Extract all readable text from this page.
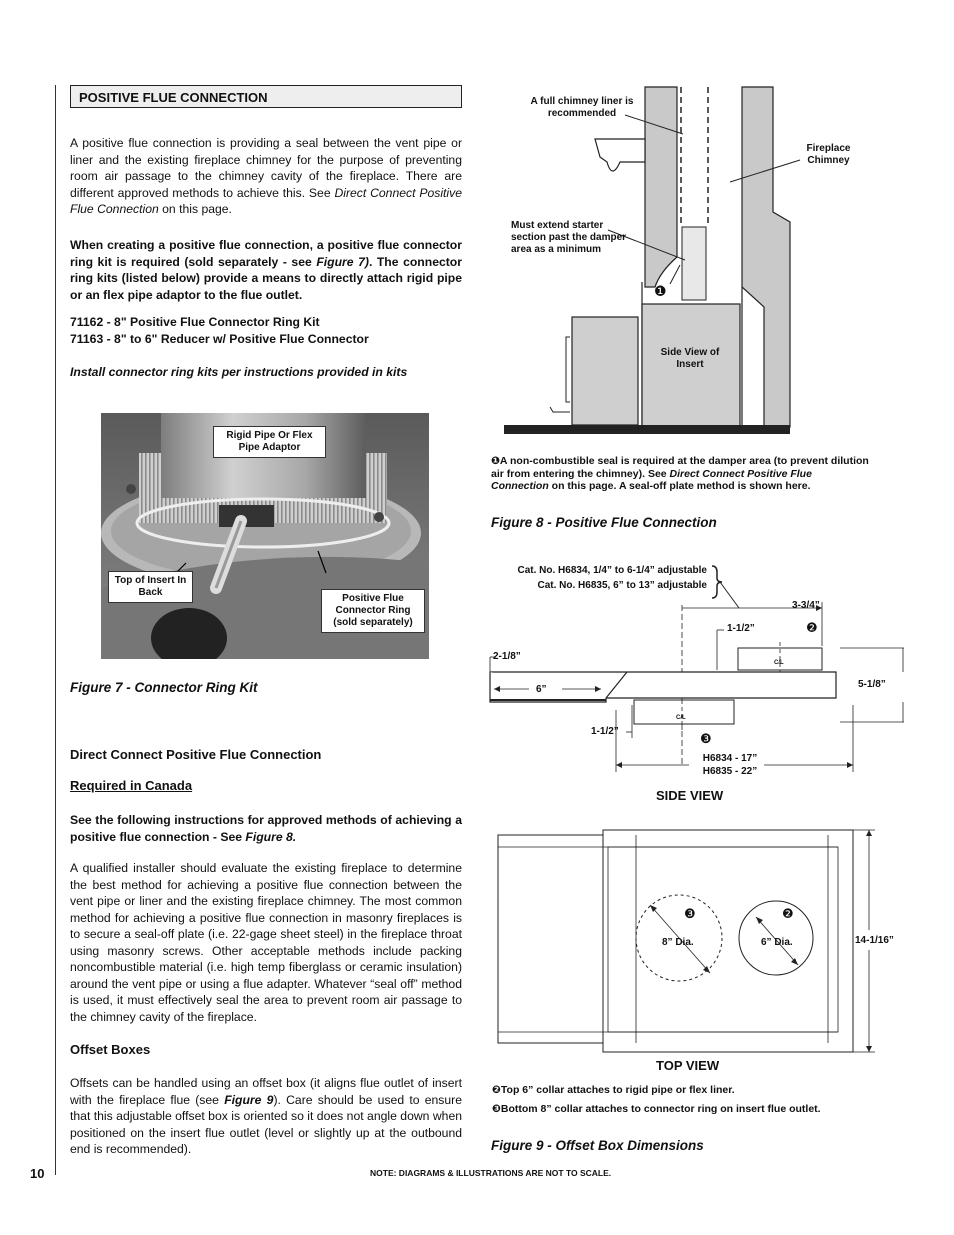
POSITIVE FLUE CONNECTION
A positive flue connection is providing a seal between the vent pipe or liner and the existing fireplace chimney for the purpose of preventing room air passage to the chimney cavity of the fireplace. There are different approved methods to achieve this. See Direct Connect Positive Flue Connection on this page.
When creating a positive flue connection, a positive flue connector ring kit is required (sold separately - see Figure 7). The connector ring kits (listed below) provide a means to directly attach rigid pipe or an flex pipe adaptor to the flue outlet.
71162 - 8" Positive Flue Connector Ring Kit
71163 - 8" to 6" Reducer w/ Positive Flue Connector
Install connector ring kits per instructions provided in kits
Rigid Pipe Or Flex Pipe Adaptor
Top of Insert In Back
Positive Flue Connector Ring (sold separately)
Figure 7 - Connector Ring Kit
Direct Connect Positive Flue Connection
Required in Canada
See the following instructions for approved methods of achieving a positive flue connection - See Figure 8.
A qualified installer should evaluate the existing fireplace to determine the best method for achieving a positive flue connection between the vent pipe or liner and the existing fireplace chimney. The most common method for achieving a positive flue connection in masonry fireplaces is to secure a seal-off plate (i.e. 22-gage sheet steel) in the fireplace throat using masonry screws. Other acceptable methods include packing noncombustible material (i.e. high temp fiberglass or ceramic insulation) around the vent pipe or using a flue adapter. Whatever “seal off” method is used, it must effectively seal the area to prevent room air passage to the chimney cavity of the fireplace.
Offset Boxes
Offsets can be handled using an offset box (it aligns flue outlet of insert with the fireplace flue (see Figure 9). Care should be used to ensure that this adjustable offset box is oriented so it does not angle down when positioned on the insert flue outlet (level or slightly up at the outbound end is recommended).
A full chimney liner is recommended
Fireplace Chimney
Must extend starter section past the damper area as a minimum
Side View of Insert
❶
❶A non-combustible seal is required at the damper area (to prevent dilution air from entering the chimney). See Direct Connect Positive Flue Connection on this page. A seal-off plate method is shown here.
Figure 8 - Positive Flue Connection
Cat. No. H6834, 1/4” to 6-1/4” adjustable
Cat. No. H6835, 6” to 13” adjustable
3-3/4”
1-1/2”	❷
2-1/8”
C/L
6”	5-1/8”
C/L
1-1/2”	❸
H6834 - 17”
H6835 - 22”
SIDE VIEW
❸
8” Dia.
❷
6” Dia.	14-1/16”
TOP VIEW
❷Top 6” collar attaches to rigid pipe or flex liner.
❸Bottom 8” collar attaches to connector ring on insert flue outlet.
Figure 9 - Offset Box Dimensions
10	NOTE: DIAGRAMS & ILLUSTRATIONS ARE NOT TO SCALE.
